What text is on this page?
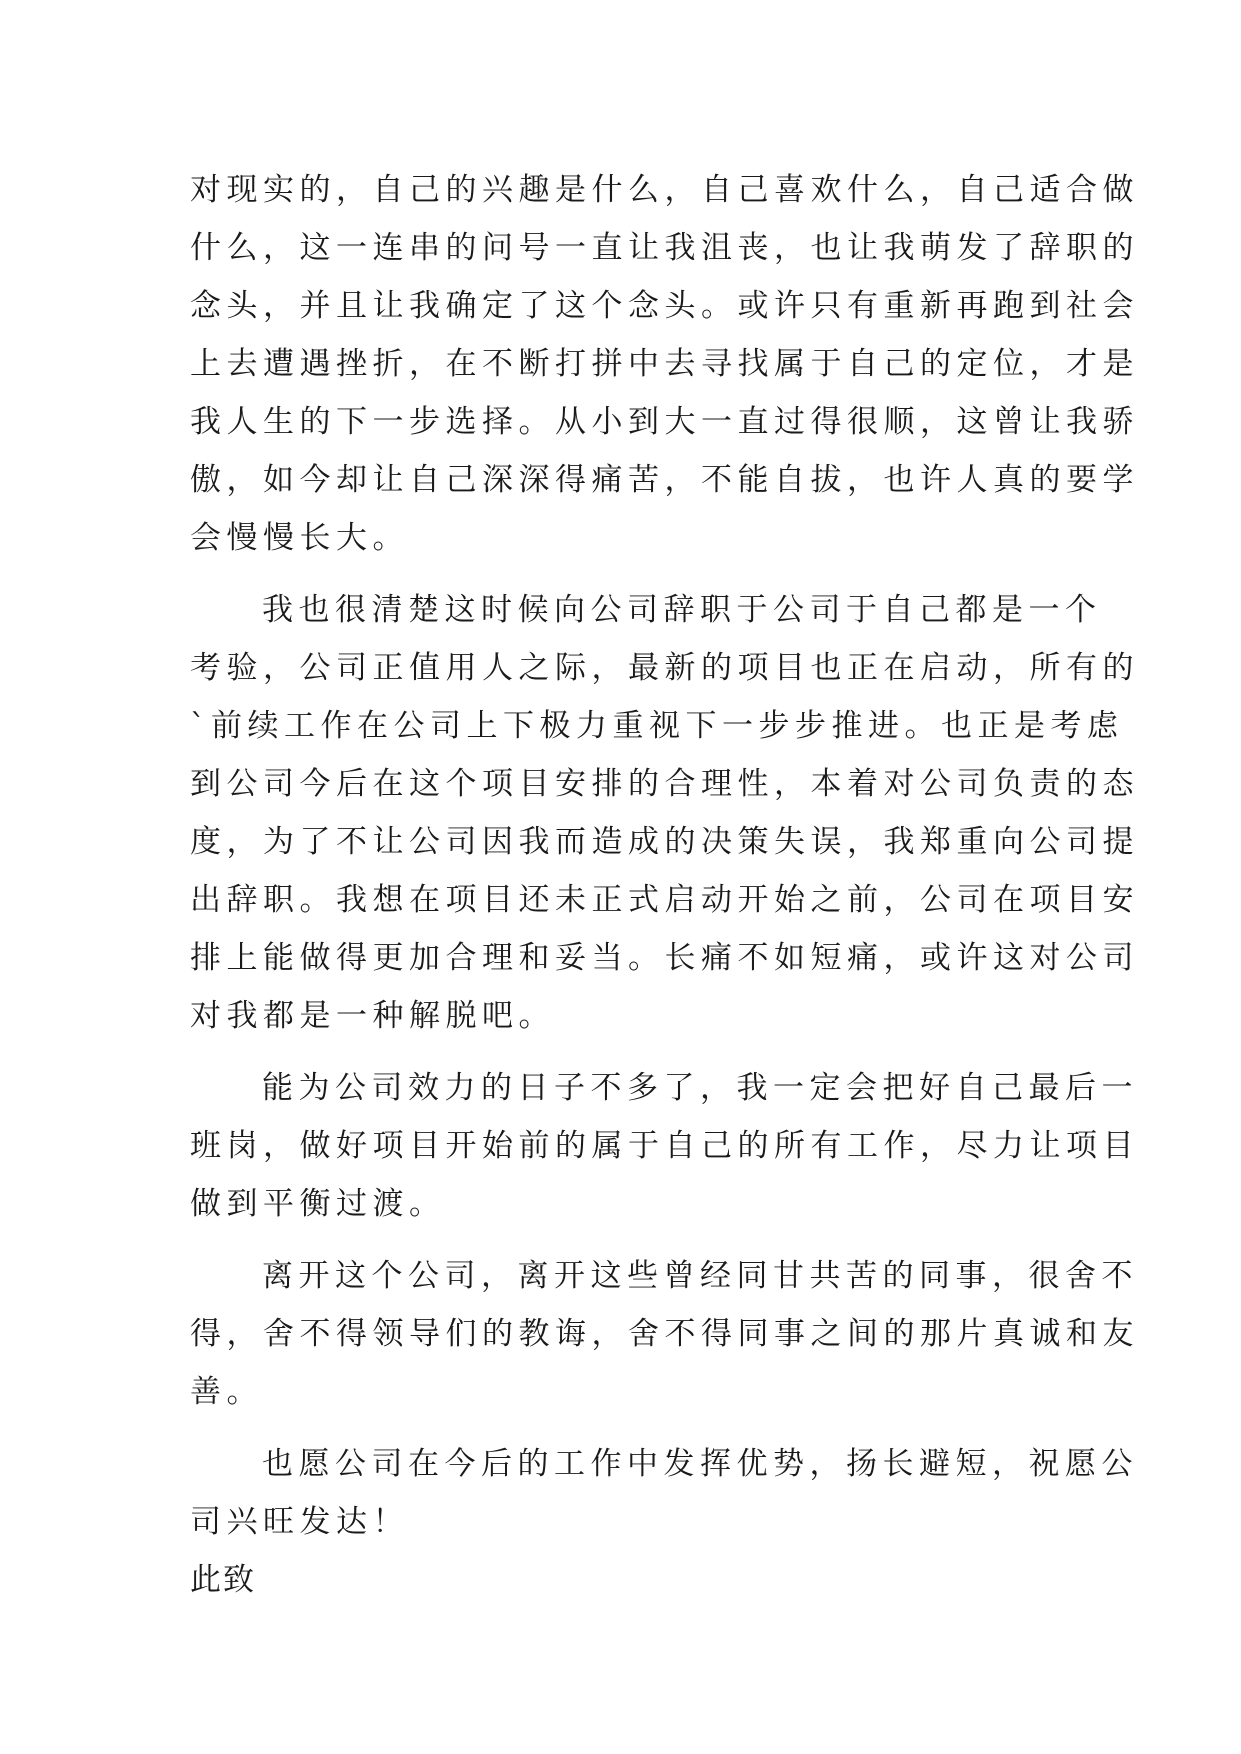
对现实的，自己的兴趣是什么，自己喜欢什么，自己适合做
什么，这一连串的问号一直让我沮丧，也让我萌发了辞职的
念头，并且让我确定了这个念头。或许只有重新再跑到社会
上去遭遇挫折，在不断打拼中去寻找属于自己的定位，才是
我人生的下一步选择。从小到大一直过得很顺，这曾让我骄
傲，如今却让自己深深得痛苦，不能自拔，也许人真的要学
会慢慢长大。
我也很清楚这时候向公司辞职于公司于自己都是一个
考验，公司正值用人之际，最新的项目也正在启动，所有的
`前续工作在公司上下极力重视下一步步推进。也正是考虑
到公司今后在这个项目安排的合理性，本着对公司负责的态
度，为了不让公司因我而造成的决策失误，我郑重向公司提
出辞职。我想在项目还未正式启动开始之前，公司在项目安
排上能做得更加合理和妥当。长痛不如短痛，或许这对公司
对我都是一种解脱吧。
能为公司效力的日子不多了，我一定会把好自己最后一
班岗，做好项目开始前的属于自己的所有工作，尽力让项目
做到平衡过渡。
离开这个公司，离开这些曾经同甘共苦的同事，很舍不
得，舍不得领导们的教诲，舍不得同事之间的那片真诚和友
善。
也愿公司在今后的工作中发挥优势，扬长避短，祝愿公
司兴旺发达！
此致
